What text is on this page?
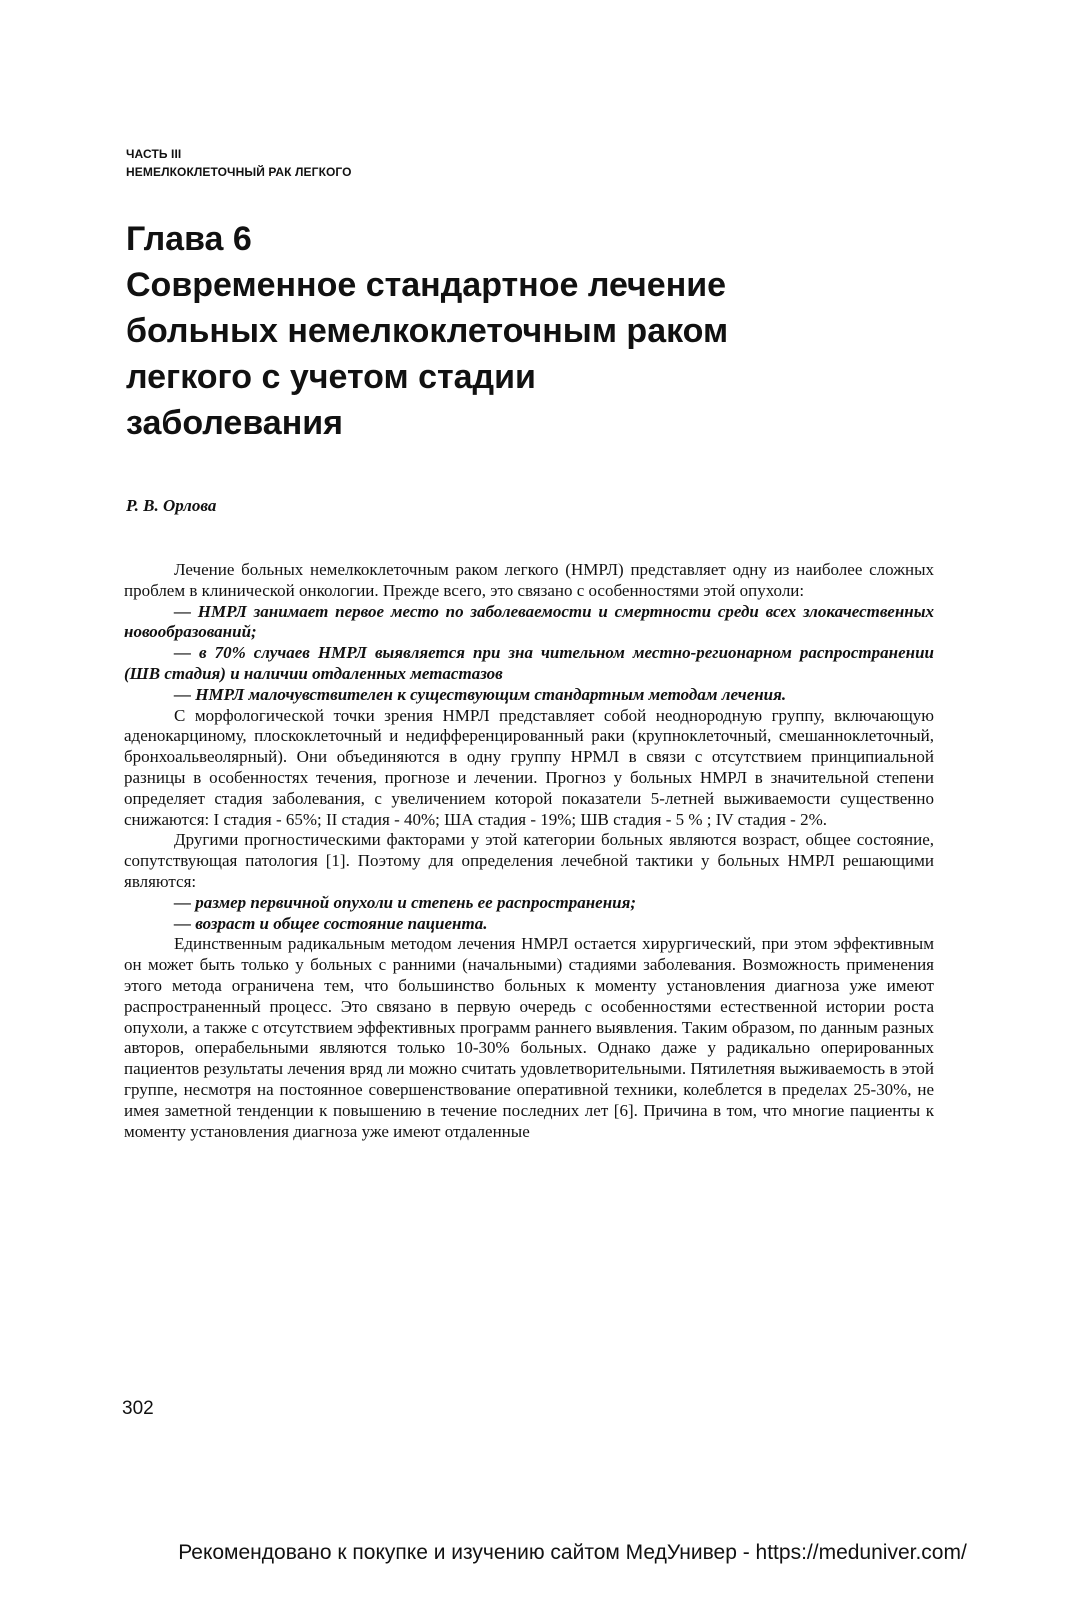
ЧАСТЬ III
НЕМЕЛКОКЛЕТОЧНЫЙ РАК ЛЕГКОГО
Глава 6
Современное стандартное лечение
больных немелкоклеточным раком
легкого с учетом стадии
заболевания
Р. В. Орлова

Лечение больных немелкоклеточным раком легкого (НМРЛ) представляет одну из наиболее сложных проблем в клинической онкологии. Прежде всего, это связано с особенностями этой опухоли:

— НМРЛ занимает первое место по заболеваемости и смертности среди всех злокачественных новообразований;

— в 70% случаев НМРЛ выявляется при зна чительном местно-регионарном распространении (ШВ стадия) и наличии отдаленных метастазов

— НМРЛ малочувствителен к существующим стандартным методам лечения.

С морфологической точки зрения НМРЛ представляет собой неоднородную группу, включающую аденокарциному, плоскоклеточный и недифференцированный раки (крупноклеточный, смешанноклеточный, бронхоальвеолярный). Они объединяются в одну группу НРМЛ в связи с отсутствием принципиальной разницы в особенностях течения, прогнозе и лечении. Прогноз у больных НМРЛ в значительной степени определяет стадия заболевания, с увеличением которой показатели 5-летней выживаемости существенно снижаются: I стадия - 65%; II стадия - 40%; ША стадия - 19%; ШВ стадия - 5 % ; IV стадия - 2%.

Другими прогностическими факторами у этой категории больных являются возраст, общее состояние, сопутствующая патология [1]. Поэтому для определения лечебной тактики у больных НМРЛ решающими являются:

— размер первичной опухоли и степень ее распространения;

— возраст и общее состояние пациента.

Единственным радикальным методом лечения НМРЛ остается хирургический, при этом эффективным он может быть только у больных с ранними (начальными) стадиями заболевания. Возможность применения этого метода ограничена тем, что большинство больных к моменту установления диагноза уже имеют распространенный процесс. Это связано в первую очередь с особенностями естественной истории роста опухоли, а также с отсутствием эффективных программ раннего выявления. Таким образом, по данным разных авторов, операбельными являются только 10-30% больных. Однако даже у радикально оперированных пациентов результаты лечения вряд ли можно считать удовлетворительными. Пятилетняя выживаемость в этой группе, несмотря на постоянное совершенствование оперативной техники, колеблется в пределах 25-30%, не имея заметной тенденции к повышению в течение последних лет [6]. Причина в том, что многие пациенты к моменту установления диагноза уже имеют отдаленные

302
Рекомендовано к покупке и изучению сайтом МедУнивер - https://meduniver.com/
